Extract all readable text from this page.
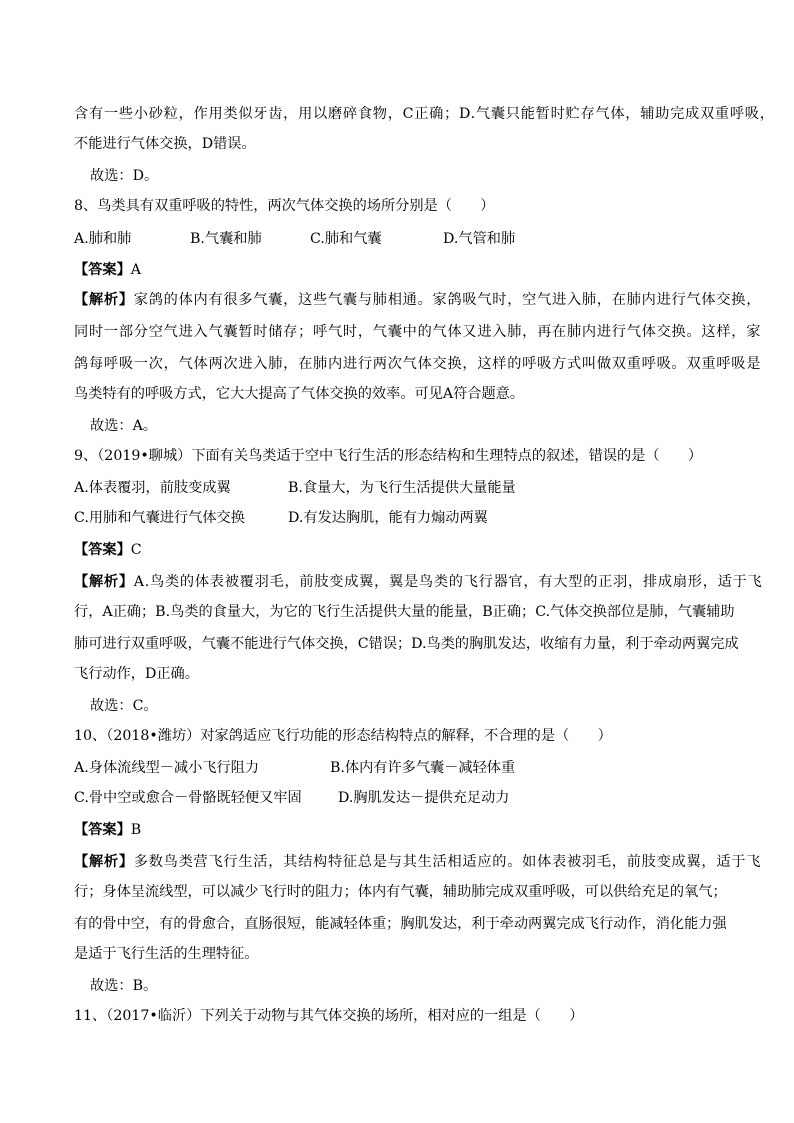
含有一些小砂粒，作用类似牙齿，用以磨碎食物，C正确；D.气囊只能暂时贮存气体，辅助完成双重呼吸，
不能进行气体交换，D错误。
故选：D。
8、鸟类具有双重呼吸的特性，两次气体交换的场所分别是（　　）
A.肺和肺	B.气囊和肺	C.肺和气囊	D.气管和肺
【答案】A
【解析】家鸽的体内有很多气囊，这些气囊与肺相通。家鸽吸气时，空气进入肺，在肺内进行气体交换，
同时一部分空气进入气囊暂时储存；呼气时，气囊中的气体又进入肺，再在肺内进行气体交换。这样，家
鸽每呼吸一次，气体两次进入肺，在肺内进行两次气体交换，这样的呼吸方式叫做双重呼吸。双重呼吸是
鸟类特有的呼吸方式，它大大提高了气体交换的效率。可见A符合题意。
故选：A。
9、（2019•聊城）下面有关鸟类适于空中飞行生活的形态结构和生理特点的叙述，错误的是（　　）
A.体表覆羽，前肢变成翼	B.食量大，为飞行生活提供大量能量
C.用肺和气囊进行气体交换	D.有发达胸肌，能有力煽动两翼
【答案】C
【解析】A.鸟类的体表被覆羽毛，前肢变成翼，翼是鸟类的飞行器官，有大型的正羽，排成扇形，适于飞
行，A正确；B.鸟类的食量大，为它的飞行生活提供大量的能量，B正确；C.气体交换部位是肺，气囊辅助
肺可进行双重呼吸，气囊不能进行气体交换，C错误；D.鸟类的胸肌发达，收缩有力量，利于牵动两翼完成
飞行动作，D正确。
故选：C。
10、（2018•潍坊）对家鸽适应飞行功能的形态结构特点的解释，不合理的是（　　）
A.身体流线型－减小飞行阻力	B.体内有许多气囊－减轻体重
C.骨中空或愈合－骨骼既轻便又牢固	D.胸肌发达－提供充足动力
【答案】B
【解析】多数鸟类营飞行生活，其结构特征总是与其生活相适应的。如体表被羽毛，前肢变成翼，适于飞
行；身体呈流线型，可以减少飞行时的阻力；体内有气囊，辅助肺完成双重呼吸，可以供给充足的氧气；
有的骨中空，有的骨愈合，直肠很短，能减轻体重；胸肌发达，利于牵动两翼完成飞行动作，消化能力强
是适于飞行生活的生理特征。
故选：B。
11、（2017•临沂）下列关于动物与其气体交换的场所，相对应的一组是（　　）
